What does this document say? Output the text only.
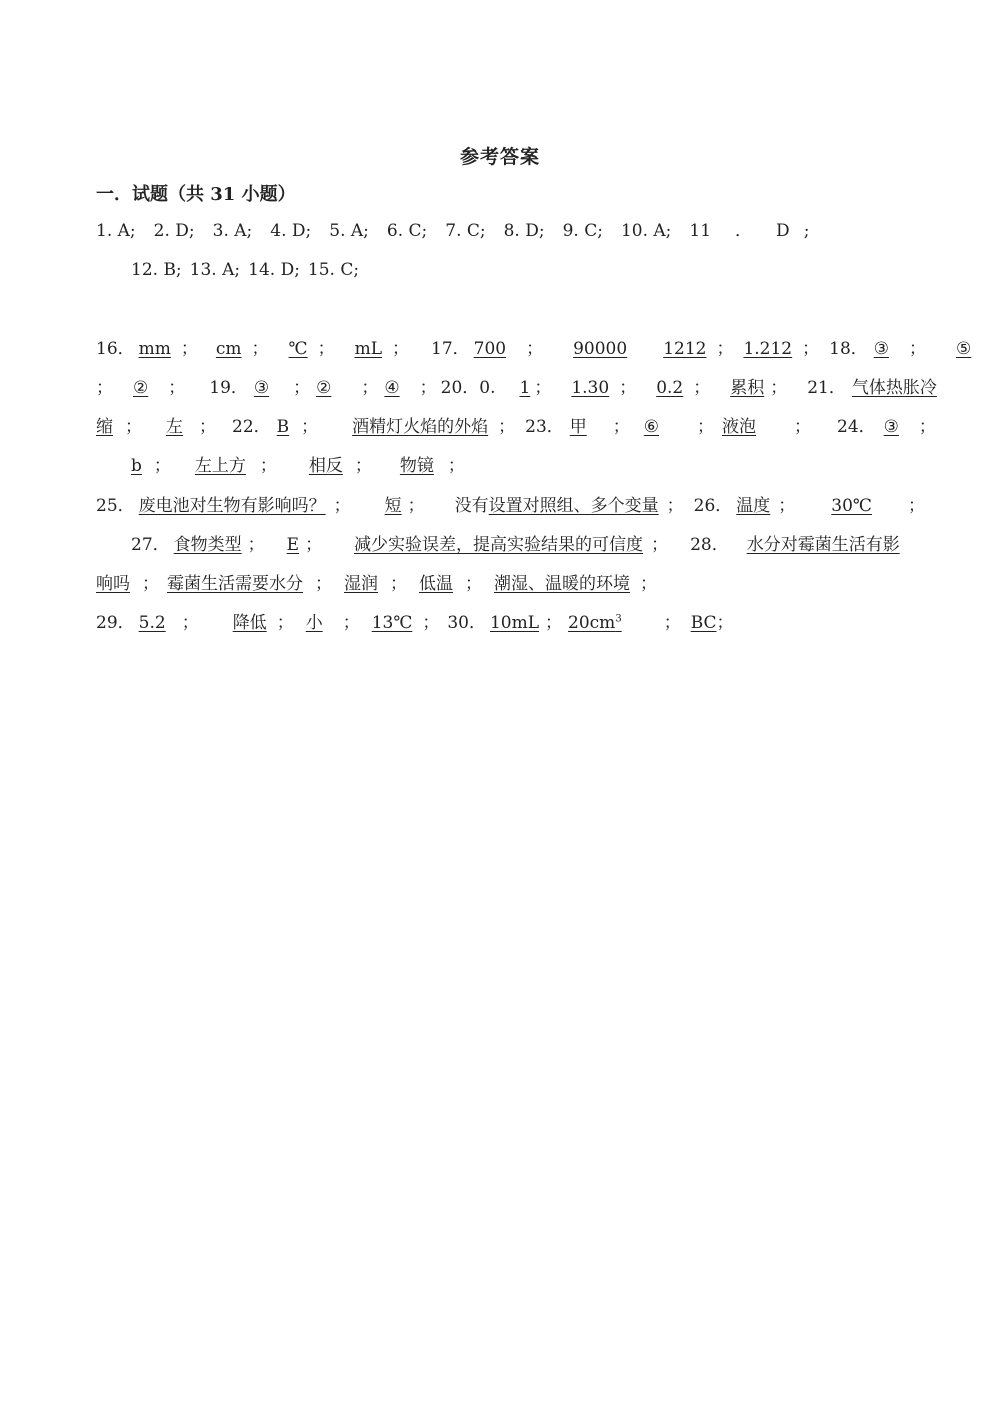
参考答案
一．试题（共 31 小题）
1. A; 2. D; 3. A; 4. D; 5. A; 6. C; 7. C; 8. D; 9. C; 10. A; 11 ． D ;
12. B; 13. A; 14. D; 15. C;
16． mm ； cm ； ℃ ； mL ； 17． 700 ； 90000 1212 ； 1.212 ； 18． ③ ； ⑤
； ② ； 19． ③ ； ② ； ④ ； 20．0. 1 ； 1.30 ； 0.2 ； 累积 ； 21． 气体热胀冷
缩 ； 左 ； 22． B ； 酒精灯火焰的外焰 ； 23． 甲 ； ⑥ ； 液泡 ； 24． ③ ；
b ； 左上方 ； 相反 ； 物镜 ；
25． 废电池对生物有影响吗？ ； 短 ； 没有设置对照组、多个变量 ； 26． 温度 ； 30℃ ；
27． 食物类型 ； E ； 减少实验误差，提高实验结果的可信度 ； 28． 水分对霉菌生活有影
响吗 ； 霉菌生活需要水分 ； 湿润 ； 低温 ； 潮湿、温暖的环境 ；
29． 5.2 ； 降低 ； 小 ； 13℃ ； 30． 10mL ； $20cm^3$ ； BC；
